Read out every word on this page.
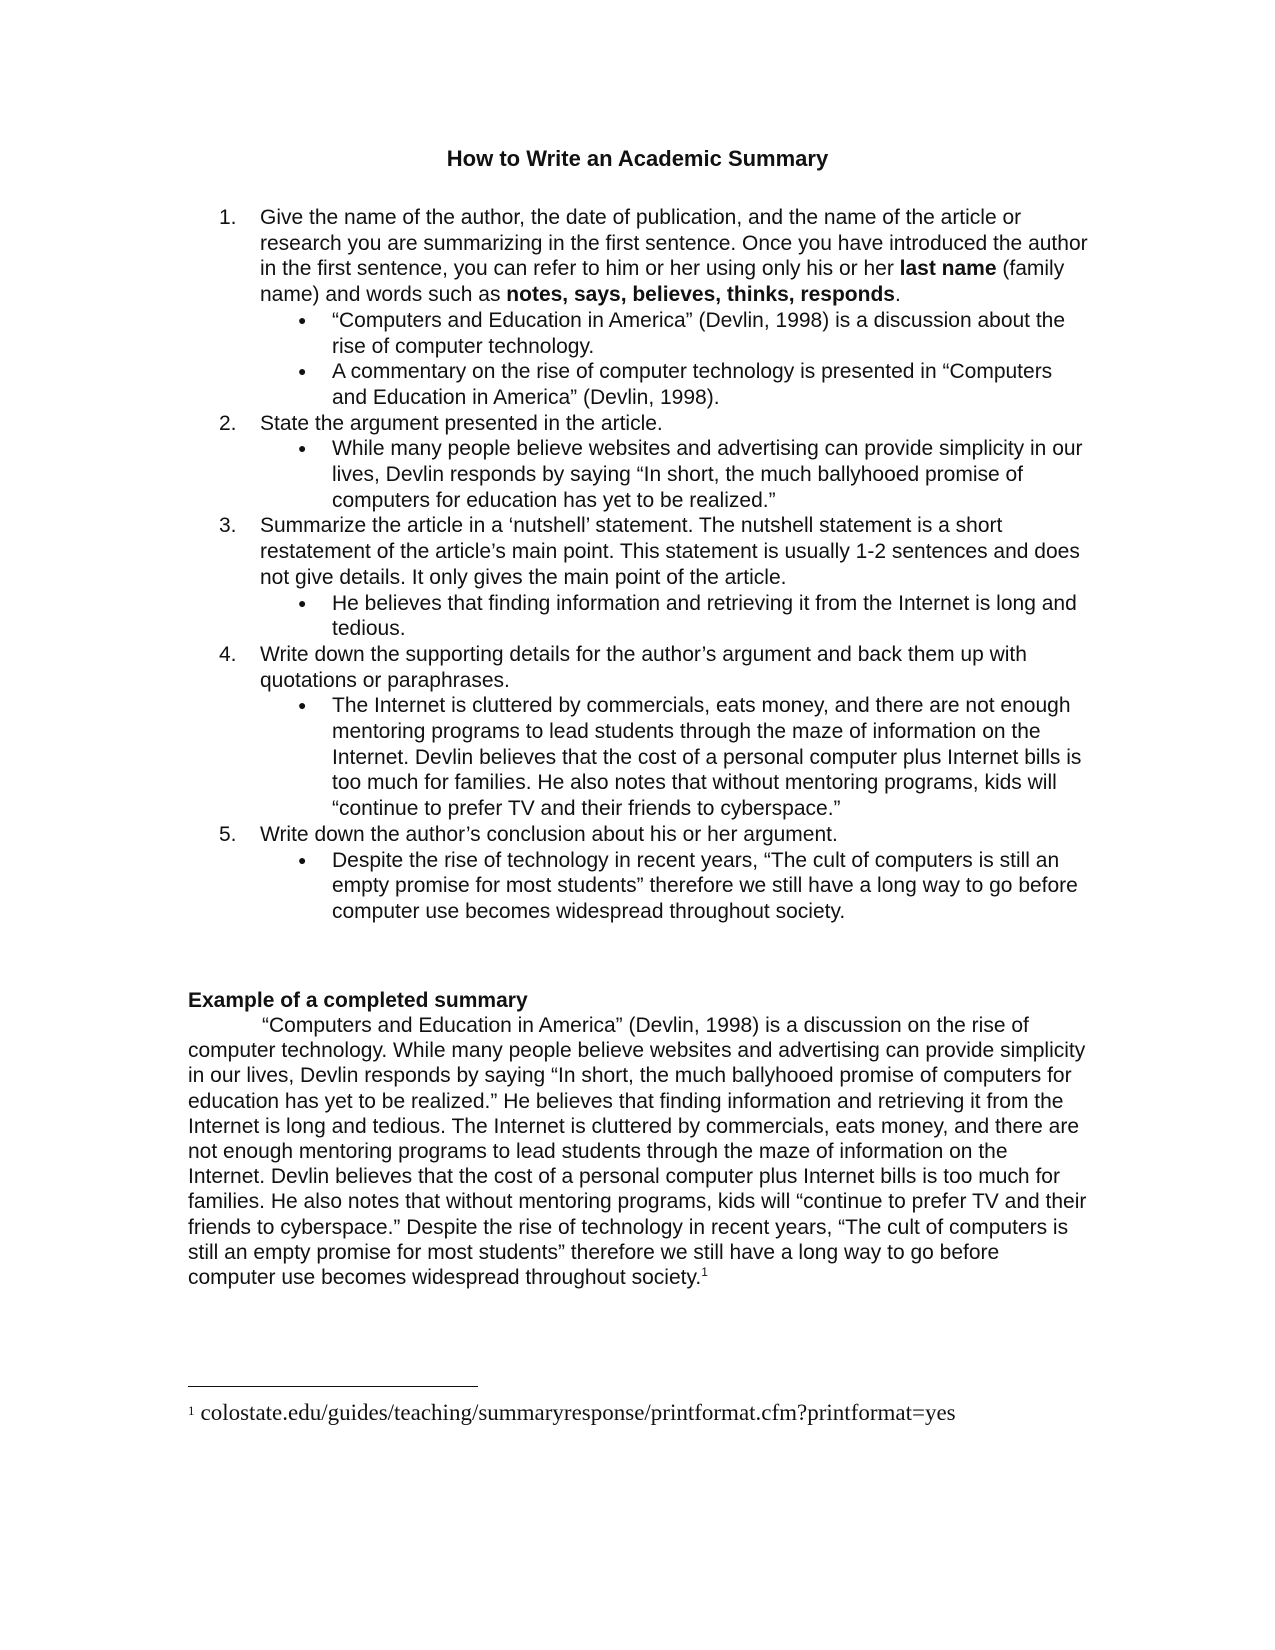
How to Write an Academic Summary
1. Give the name of the author, the date of publication, and the name of the article or research you are summarizing in the first sentence. Once you have introduced the author in the first sentence, you can refer to him or her using only his or her last name (family name) and words such as notes, says, believes, thinks, responds.
● “Computers and Education in America” (Devlin, 1998) is a discussion about the rise of computer technology.
● A commentary on the rise of computer technology is presented in “Computers and Education in America” (Devlin, 1998).
2. State the argument presented in the article.
● While many people believe websites and advertising can provide simplicity in our lives, Devlin responds by saying “In short, the much ballyhooed promise of computers for education has yet to be realized.”
3. Summarize the article in a ‘nutshell’ statement. The nutshell statement is a short restatement of the article’s main point. This statement is usually 1-2 sentences and does not give details. It only gives the main point of the article.
● He believes that finding information and retrieving it from the Internet is long and tedious.
4. Write down the supporting details for the author’s argument and back them up with quotations or paraphrases.
● The Internet is cluttered by commercials, eats money, and there are not enough mentoring programs to lead students through the maze of information on the Internet. Devlin believes that the cost of a personal computer plus Internet bills is too much for families. He also notes that without mentoring programs, kids will “continue to prefer TV and their friends to cyberspace.”
5. Write down the author’s conclusion about his or her argument.
● Despite the rise of technology in recent years, “The cult of computers is still an empty promise for most students” therefore we still have a long way to go before computer use becomes widespread throughout society.
Example of a completed summary

“Computers and Education in America” (Devlin, 1998) is a discussion on the rise of computer technology. While many people believe websites and advertising can provide simplicity in our lives, Devlin responds by saying “In short, the much ballyhooed promise of computers for education has yet to be realized.” He believes that finding information and retrieving it from the Internet is long and tedious. The Internet is cluttered by commercials, eats money, and there are not enough mentoring programs to lead students through the maze of information on the Internet. Devlin believes that the cost of a personal computer plus Internet bills is too much for families. He also notes that without mentoring programs, kids will “continue to prefer TV and their friends to cyberspace.” Despite the rise of technology in recent years, “The cult of computers is still an empty promise for most students” therefore we still have a long way to go before computer use becomes widespread throughout society.$^1$

$^1$ colostate.edu/guides/teaching/summaryresponse/printformat.cfm?printformat=yes
